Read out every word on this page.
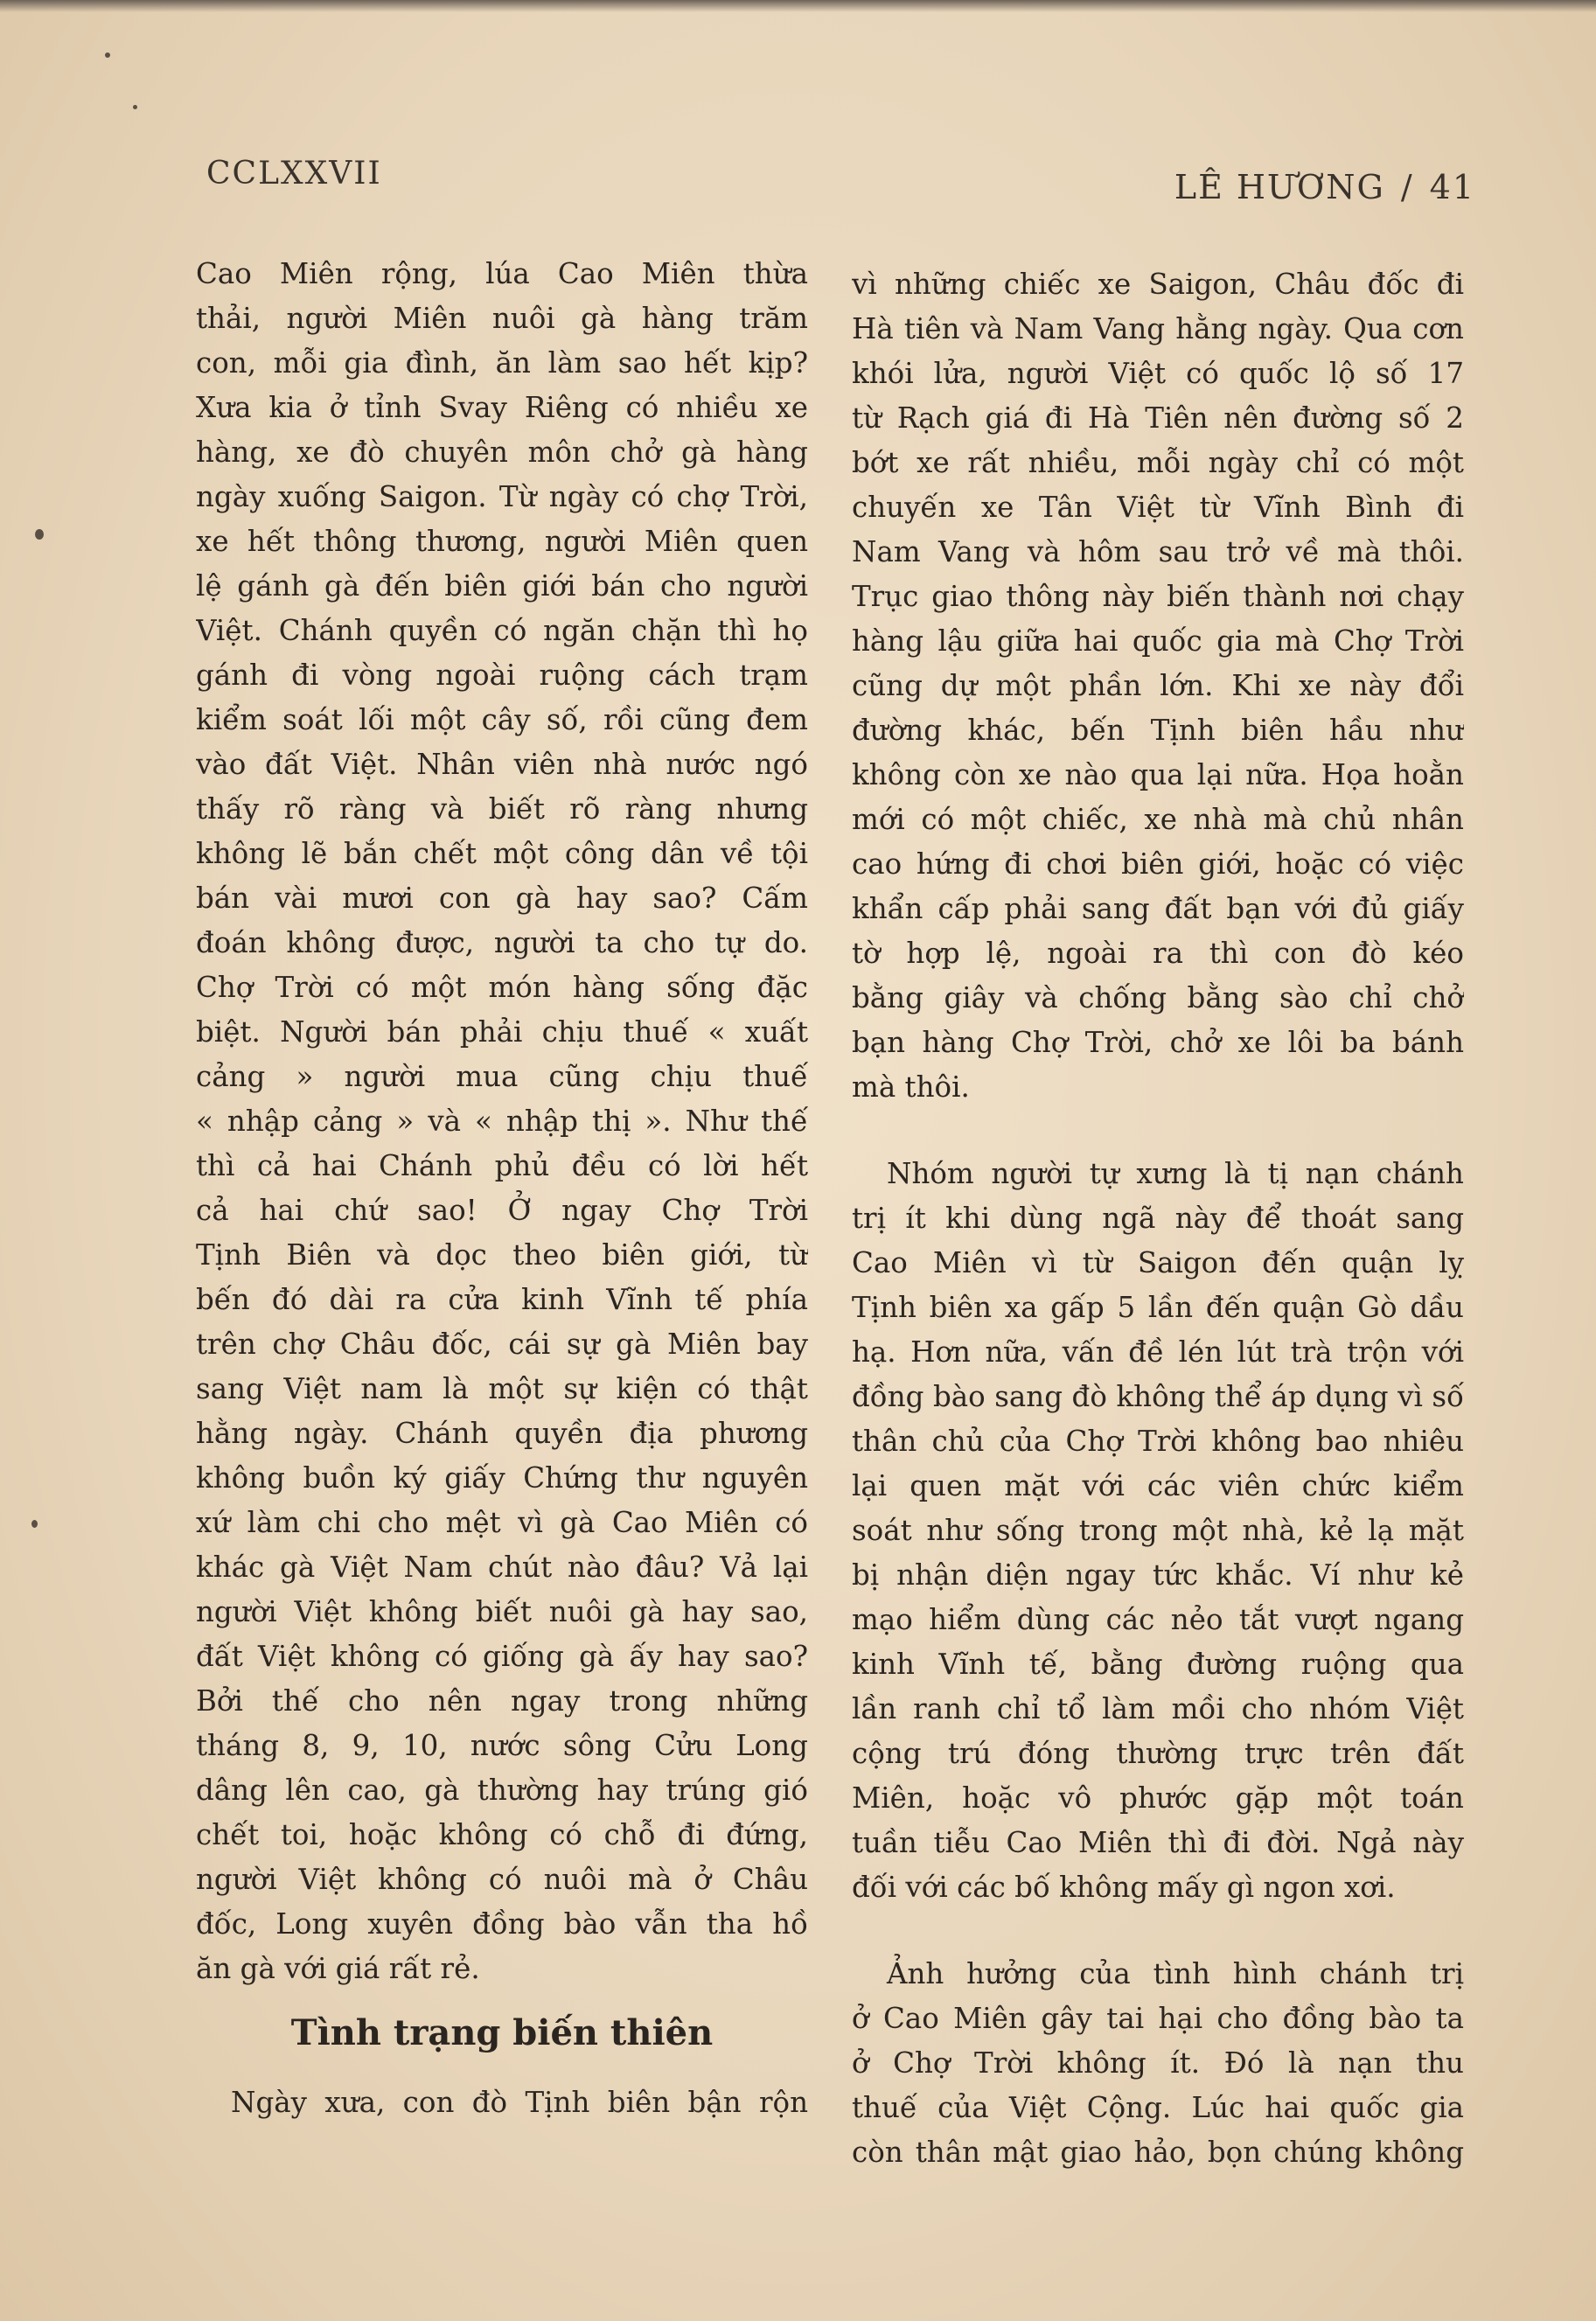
CCLXXVII	LÊ HƯƠNG / 41
Cao Miên rộng, lúa Cao Miên thừa
thải, người Miên nuôi gà hàng trăm
con, mỗi gia đình, ăn làm sao hết kịp?
Xưa kia ở tỉnh Svay Riêng có nhiều xe
hàng, xe đò chuyên môn chở gà hàng
ngày xuống Saigon. Từ ngày có chợ Trời,
xe hết thông thương, người Miên quen
lệ gánh gà đến biên giới bán cho người
Việt. Chánh quyền có ngăn chặn thì họ
gánh đi vòng ngoài ruộng cách trạm
kiểm soát lối một cây số, rồi cũng đem
vào đất Việt. Nhân viên nhà nước ngó
thấy rõ ràng và biết rõ ràng nhưng
không lẽ bắn chết một công dân về tội
bán vài mươi con gà hay sao? Cấm
đoán không được, người ta cho tự do.
Chợ Trời có một món hàng sống đặc
biệt. Người bán phải chịu thuế « xuất
cảng » người mua cũng chịu thuế
« nhập cảng » và « nhập thị ». Như thế
thì cả hai Chánh phủ đều có lời hết
cả hai chứ sao! Ở ngay Chợ Trời
Tịnh Biên và dọc theo biên giới, từ
bến đó dài ra cửa kinh Vĩnh tế phía
trên chợ Châu đốc, cái sự gà Miên bay
sang Việt nam là một sự kiện có thật
hằng ngày. Chánh quyền địa phương
không buồn ký giấy Chứng thư nguyên
xứ làm chi cho mệt vì gà Cao Miên có
khác gà Việt Nam chút nào đâu? Vả lại
người Việt không biết nuôi gà hay sao,
đất Việt không có giống gà ấy hay sao?
Bởi thế cho nên ngay trong những
tháng 8, 9, 10, nước sông Cửu Long
dâng lên cao, gà thường hay trúng gió
chết toi, hoặc không có chỗ đi đứng,
người Việt không có nuôi mà ở Châu
đốc, Long xuyên đồng bào vẫn tha hồ
ăn gà với giá rất rẻ.
Tình trạng biến thiên
Ngày xưa, con đò Tịnh biên bận rộn
vì những chiếc xe Saigon, Châu đốc đi
Hà tiên và Nam Vang hằng ngày. Qua cơn
khói lửa, người Việt có quốc lộ số 17
từ Rạch giá đi Hà Tiên nên đường số 2
bớt xe rất nhiều, mỗi ngày chỉ có một
chuyến xe Tân Việt từ Vĩnh Bình đi
Nam Vang và hôm sau trở về mà thôi.
Trục giao thông này biến thành nơi chạy
hàng lậu giữa hai quốc gia mà Chợ Trời
cũng dự một phần lớn. Khi xe này đổi
đường khác, bến Tịnh biên hầu như
không còn xe nào qua lại nữa. Họa hoằn
mới có một chiếc, xe nhà mà chủ nhân
cao hứng đi chơi biên giới, hoặc có việc
khẩn cấp phải sang đất bạn với đủ giấy
tờ hợp lệ, ngoài ra thì con đò kéo
bằng giây và chống bằng sào chỉ chở
bạn hàng Chợ Trời, chở xe lôi ba bánh
mà thôi.
Nhóm người tự xưng là tị nạn chánh
trị ít khi dùng ngã này để thoát sang
Cao Miên vì từ Saigon đến quận lỵ
Tịnh biên xa gấp 5 lần đến quận Gò dầu
hạ. Hơn nữa, vấn đề lén lút trà trộn với
đồng bào sang đò không thể áp dụng vì số
thân chủ của Chợ Trời không bao nhiêu
lại quen mặt với các viên chức kiểm
soát như sống trong một nhà, kẻ lạ mặt
bị nhận diện ngay tức khắc. Ví như kẻ
mạo hiểm dùng các nẻo tắt vượt ngang
kinh Vĩnh tế, bằng đường ruộng qua
lần ranh chỉ tổ làm mồi cho nhóm Việt
cộng trú đóng thường trực trên đất
Miên, hoặc vô phước gặp một toán
tuần tiễu Cao Miên thì đi đời. Ngả này
đối với các bố không mấy gì ngon xơi.
Ảnh hưởng của tình hình chánh trị
ở Cao Miên gây tai hại cho đồng bào ta
ở Chợ Trời không ít. Đó là nạn thu
thuế của Việt Cộng. Lúc hai quốc gia
còn thân mật giao hảo, bọn chúng không
